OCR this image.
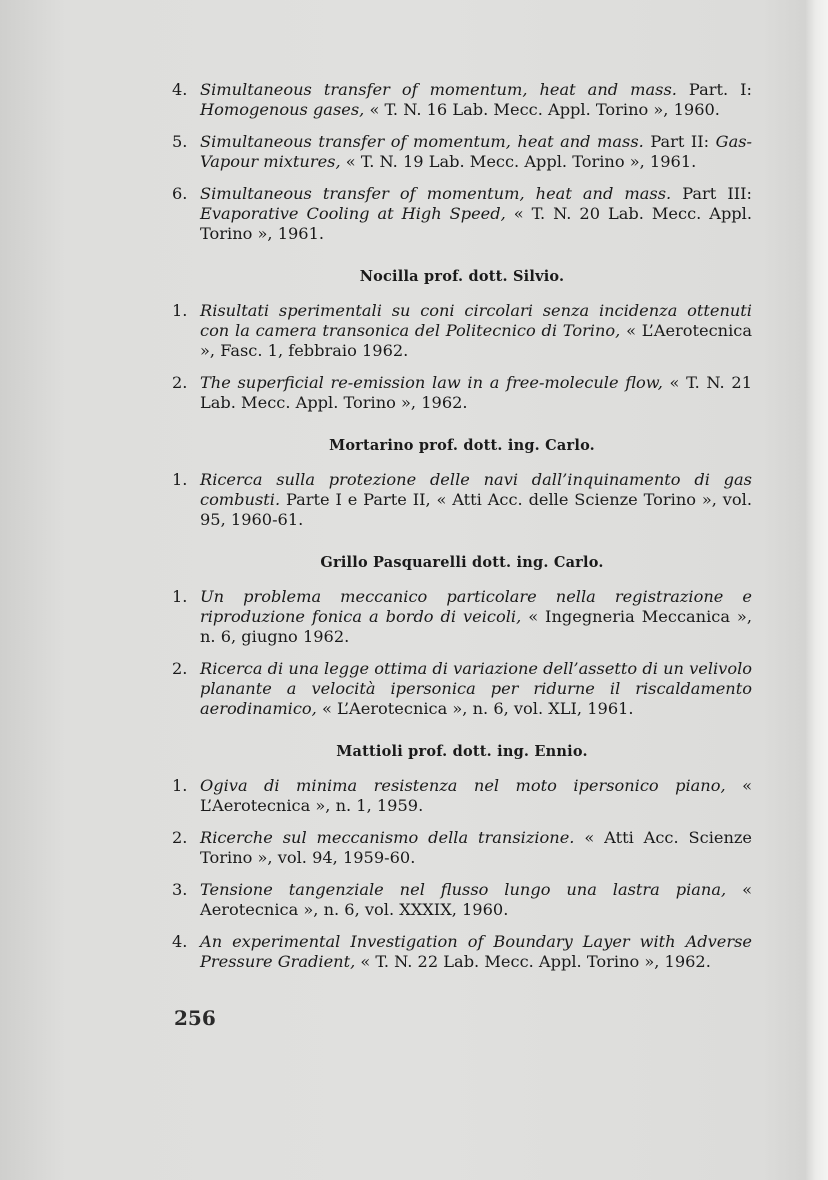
4. Simultaneous transfer of momentum, heat and mass. Part. I: Homogenous gases, « T. N. 16 Lab. Mecc. Appl. Torino », 1960.
5. Simultaneous transfer of momentum, heat and mass. Part II: Gas-Vapour mixtures, « T. N. 19 Lab. Mecc. Appl. Torino », 1961.
6. Simultaneous transfer of momentum, heat and mass. Part III: Evaporative Cooling at High Speed, « T. N. 20 Lab. Mecc. Appl. Torino », 1961.
Nocilla prof. dott. Silvio.
1. Risultati sperimentali su coni circolari senza incidenza ottenuti con la camera transonica del Politecnico di Torino, « L’Aerotecnica », Fasc. 1, febbraio 1962.
2. The superficial re-emission law in a free-molecule flow, « T. N. 21 Lab. Mecc. Appl. Torino », 1962.
Mortarino prof. dott. ing. Carlo.
1. Ricerca sulla protezione delle navi dall’inquinamento di gas combusti. Parte I e Parte II, « Atti Acc. delle Scienze Torino », vol. 95, 1960-61.
Grillo Pasquarelli dott. ing. Carlo.
1. Un problema meccanico particolare nella registrazione e riproduzione fonica a bordo di veicoli, « Ingegneria Meccanica », n. 6, giugno 1962.
2. Ricerca di una legge ottima di variazione dell’assetto di un velivolo planante a velocità ipersonica per ridurne il riscaldamento aerodinamico, « L’Aerotecnica », n. 6, vol. XLI, 1961.
Mattioli prof. dott. ing. Ennio.
1. Ogiva di minima resistenza nel moto ipersonico piano, « L’Aerotecnica », n. 1, 1959.
2. Ricerche sul meccanismo della transizione. « Atti Acc. Scienze Torino », vol. 94, 1959-60.
3. Tensione tangenziale nel flusso lungo una lastra piana, « Aerotecnica », n. 6, vol. XXXIX, 1960.
4. An experimental Investigation of Boundary Layer with Adverse Pressure Gradient, « T. N. 22 Lab. Mecc. Appl. Torino », 1962.
256
